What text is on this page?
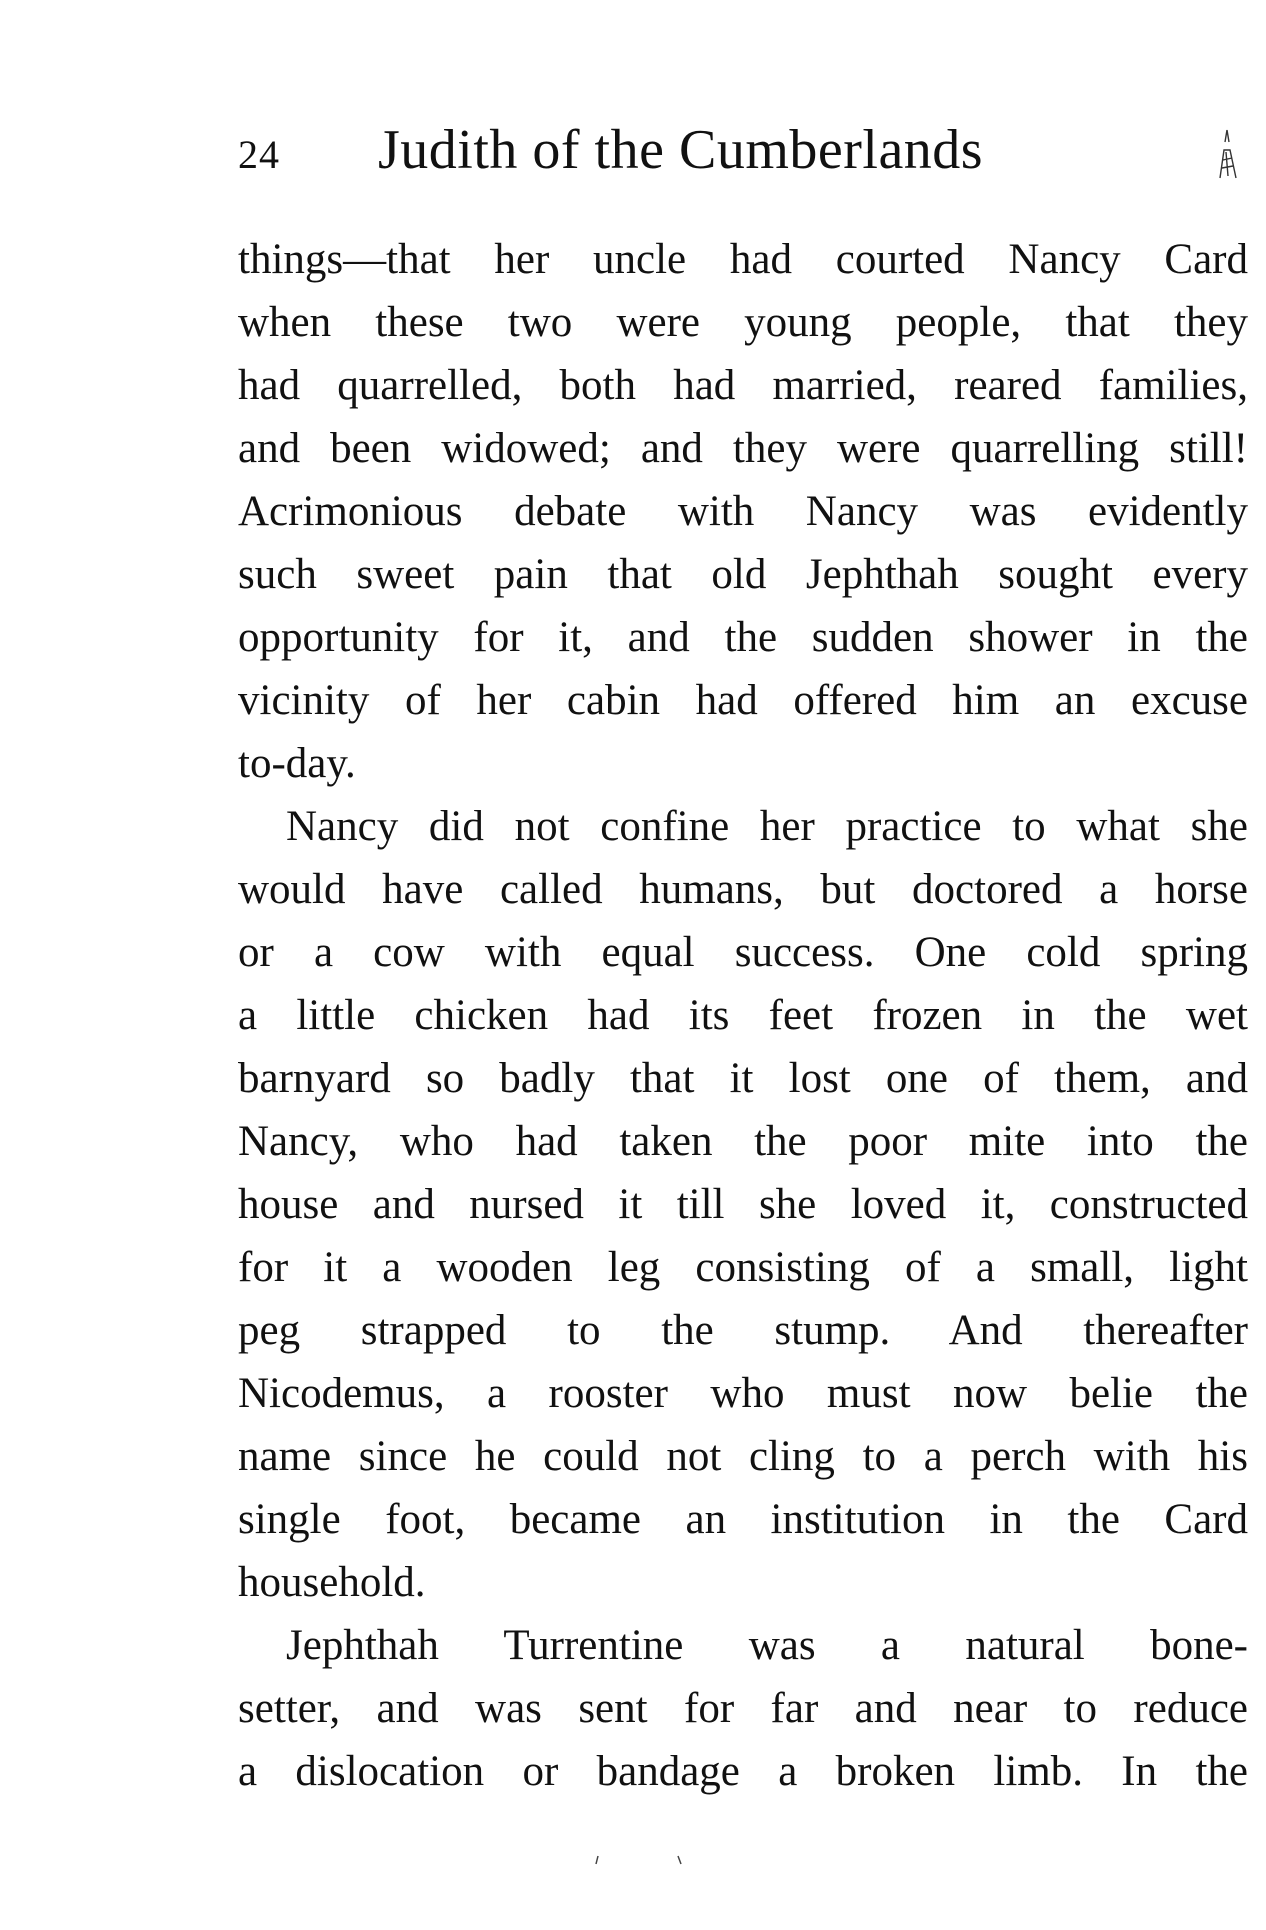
24	Judith of the Cumberlands
things—that her uncle had courted Nancy Card
when these two were young people, that they
had quarrelled, both had married, reared families,
and been widowed; and they were quarrelling still!
Acrimonious debate with Nancy was evidently
such sweet pain that old Jephthah sought every
opportunity for it, and the sudden shower in the
vicinity of her cabin had offered him an excuse
to-day.
Nancy did not confine her practice to what she
would have called humans, but doctored a horse
or a cow with equal success. One cold spring
a little chicken had its feet frozen in the wet
barnyard so badly that it lost one of them, and
Nancy, who had taken the poor mite into the
house and nursed it till she loved it, constructed
for it a wooden leg consisting of a small, light
peg strapped to the stump. And thereafter
Nicodemus, a rooster who must now belie the
name since he could not cling to a perch with his
single foot, became an institution in the Card
household.
Jephthah Turrentine was a natural bone-
setter, and was sent for far and near to reduce
a dislocation or bandage a broken limb. In the
